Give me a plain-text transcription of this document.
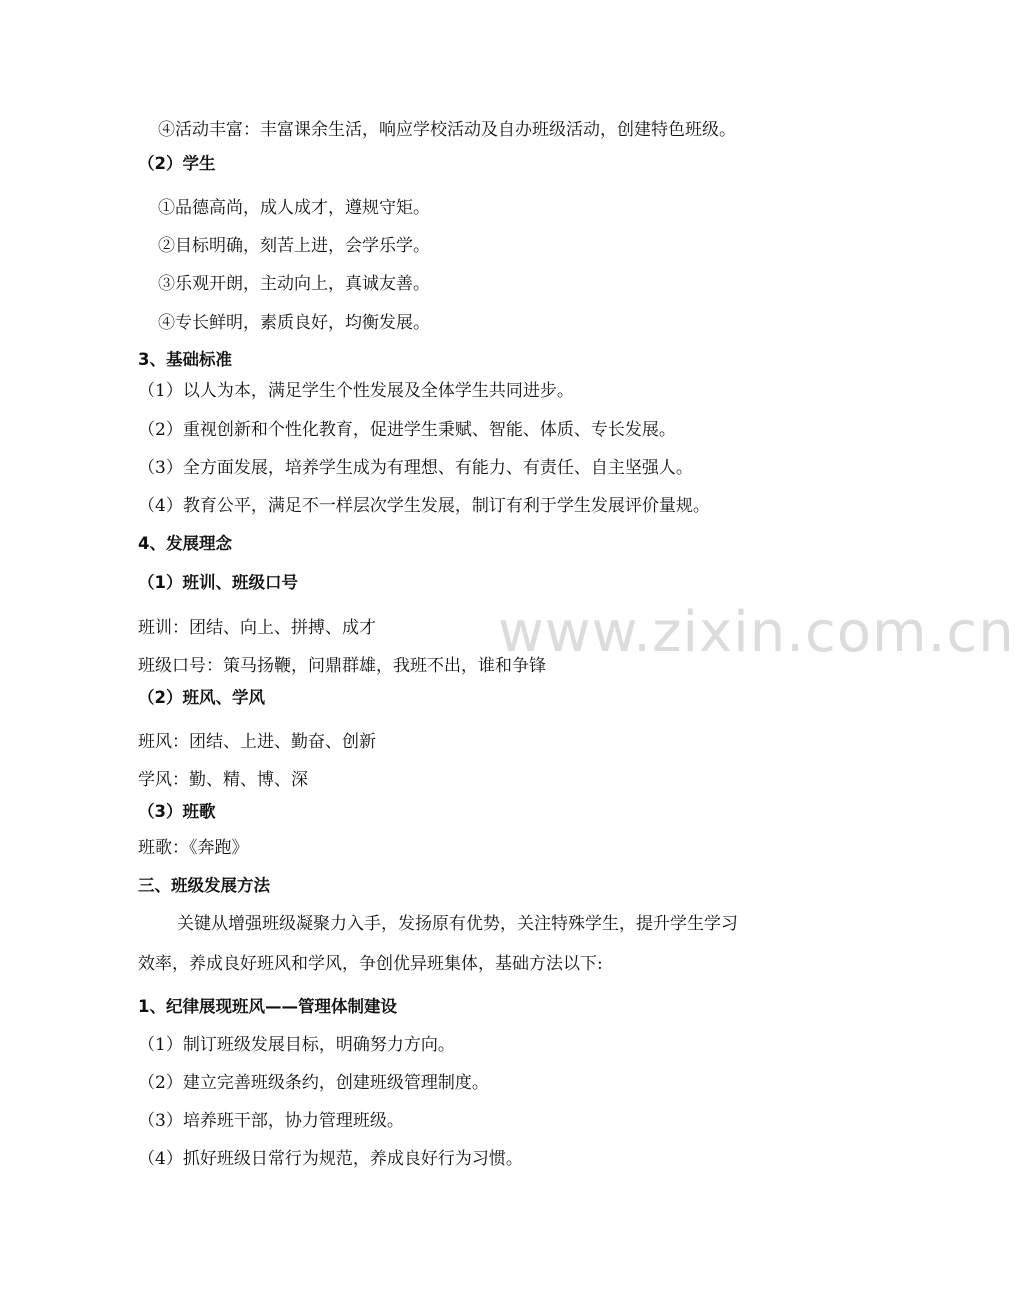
www.zixin.com.cn
④活动丰富：丰富课余生活，响应学校活动及自办班级活动，创建特色班级。
（2）学生
①品德高尚，成人成才，遵规守矩。
②目标明确，刻苦上进，会学乐学。
③乐观开朗，主动向上，真诚友善。
④专长鲜明，素质良好，均衡发展。
3、基础标准
（1）以人为本，满足学生个性发展及全体学生共同进步。
（2）重视创新和个性化教育，促进学生秉赋、智能、体质、专长发展。
（3）全方面发展，培养学生成为有理想、有能力、有责任、自主坚强人。
（4）教育公平，满足不一样层次学生发展，制订有利于学生发展评价量规。
4、发展理念
（1）班训、班级口号
班训：团结、向上、拼搏、成才
班级口号：策马扬鞭，问鼎群雄，我班不出，谁和争锋
（2）班风、学风
班风：团结、上进、勤奋、创新
学风：勤、精、博、深
（3）班歌
班歌：《奔跑》
三、班级发展方法
关键从增强班级凝聚力入手，发扬原有优势，关注特殊学生，提升学生学习
效率，养成良好班风和学风，争创优异班集体，基础方法以下:
1、纪律展现班风——管理体制建设
（1）制订班级发展目标，明确努力方向。
（2）建立完善班级条约，创建班级管理制度。
（3）培养班干部，协力管理班级。
（4）抓好班级日常行为规范，养成良好行为习惯。
